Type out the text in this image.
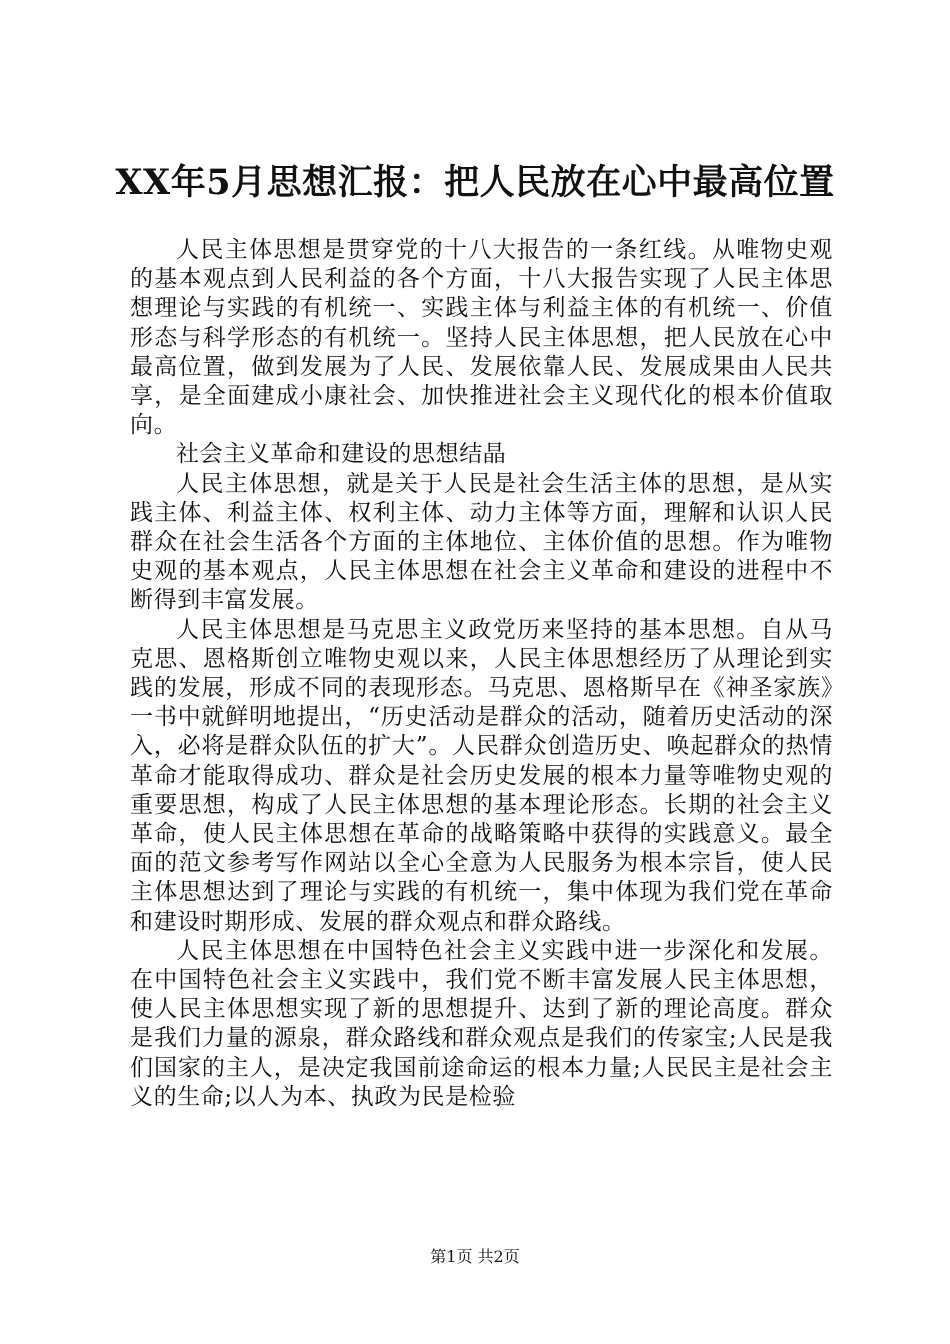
XX年5月思想汇报：把人民放在心中最高位置

人民主体思想是贯穿党的十八大报告的一条红线。从唯物史观的基本观点到人民利益的各个方面，十八大报告实现了人民主体思想理论与实践的有机统一、实践主体与利益主体的有机统一、价值形态与科学形态的有机统一。坚持人民主体思想，把人民放在心中最高位置，做到发展为了人民、发展依靠人民、发展成果由人民共享，是全面建成小康社会、加快推进社会主义现代化的根本价值取向。

社会主义革命和建设的思想结晶

人民主体思想，就是关于人民是社会生活主体的思想，是从实践主体、利益主体、权利主体、动力主体等方面，理解和认识人民群众在社会生活各个方面的主体地位、主体价值的思想。作为唯物史观的基本观点，人民主体思想在社会主义革命和建设的进程中不断得到丰富发展。

人民主体思想是马克思主义政党历来坚持的基本思想。自从马克思、恩格斯创立唯物史观以来，人民主体思想经历了从理论到实践的发展，形成不同的表现形态。马克思、恩格斯早在《神圣家族》一书中就鲜明地提出，“历史活动是群众的活动，随着历史活动的深入，必将是群众队伍的扩大”。人民群众创造历史、唤起群众的热情革命才能取得成功、群众是社会历史发展的根本力量等唯物史观的重要思想，构成了人民主体思想的基本理论形态。长期的社会主义革命，使人民主体思想在革命的战略策略中获得的实践意义。最全面的范文参考写作网站以全心全意为人民服务为根本宗旨，使人民主体思想达到了理论与实践的有机统一，集中体现为我们党在革命和建设时期形成、发展的群众观点和群众路线。

人民主体思想在中国特色社会主义实践中进一步深化和发展。在中国特色社会主义实践中，我们党不断丰富发展人民主体思想，使人民主体思想实现了新的思想提升、达到了新的理论高度。群众是我们力量的源泉，群众路线和群众观点是我们的传家宝;人民是我们国家的主人，是决定我国前途命运的根本力量;人民民主是社会主义的生命;以人为本、执政为民是检验

第1页 共2页
